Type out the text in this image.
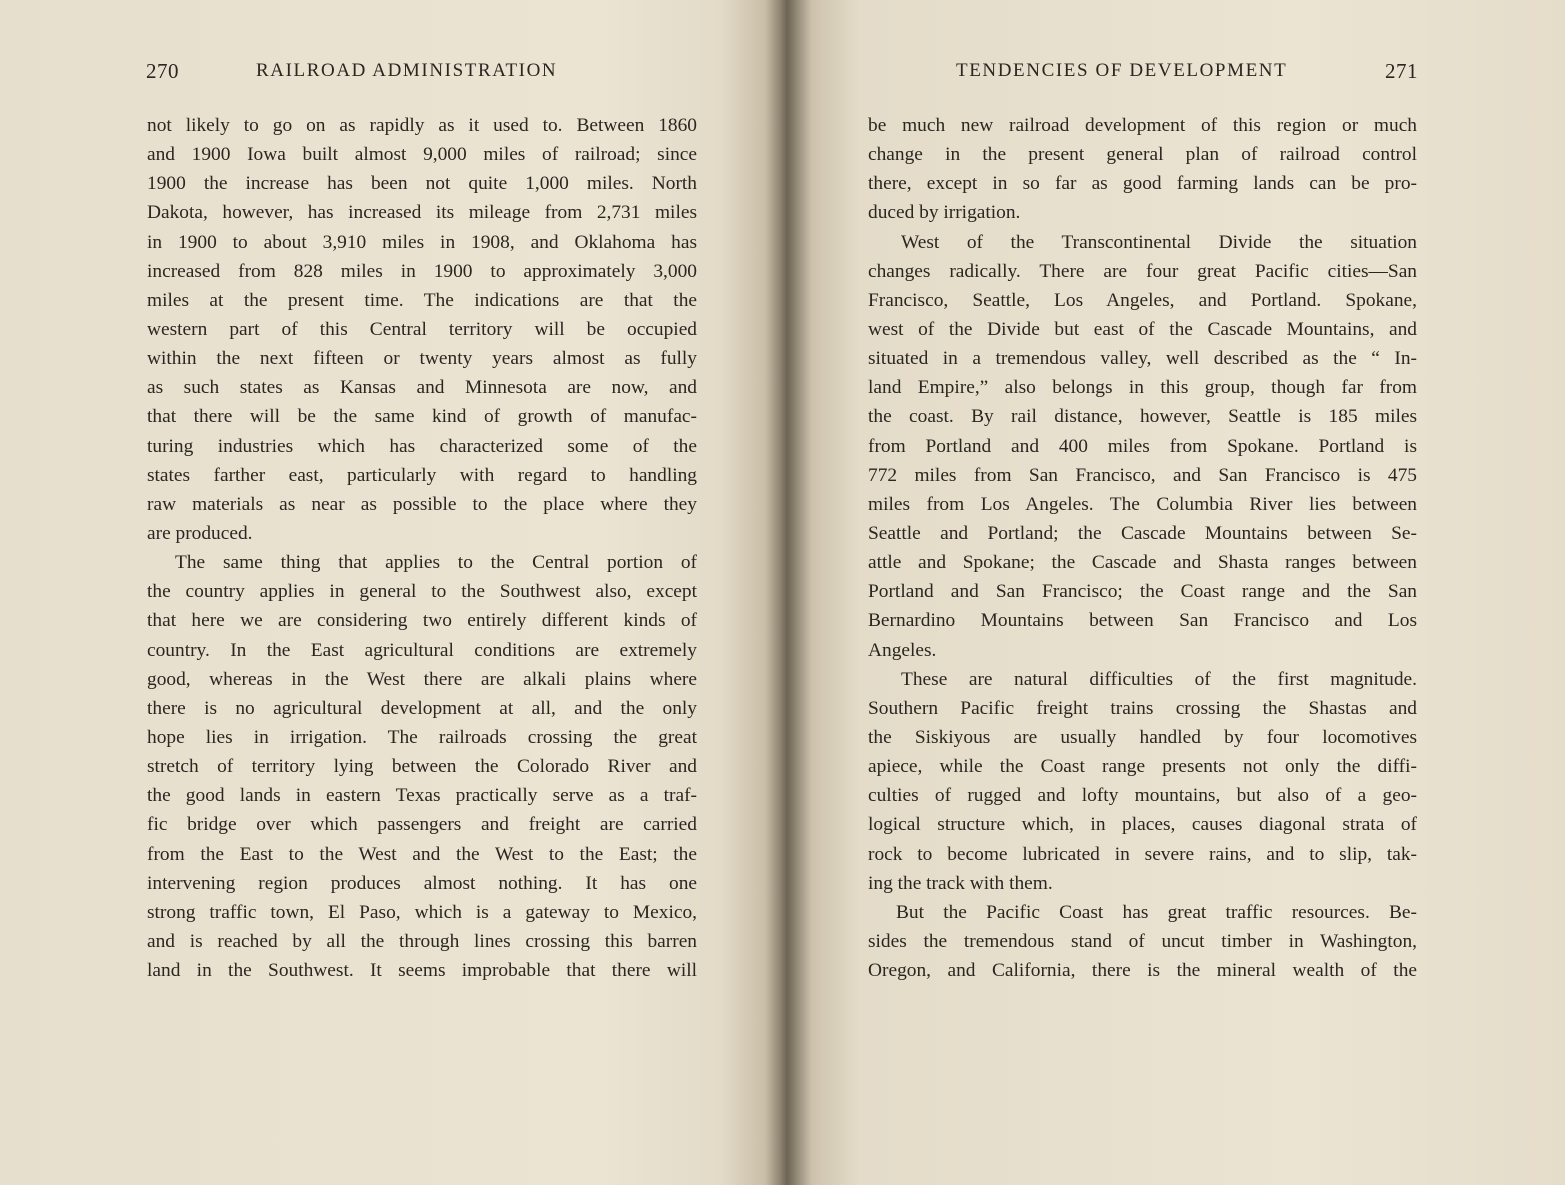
270	RAILROAD ADMINISTRATION
not likely to go on as rapidly as it used to. Between 1860
and 1900 Iowa built almost 9,000 miles of railroad; since
1900 the increase has been not quite 1,000 miles. North
Dakota, however, has increased its mileage from 2,731 miles
in 1900 to about 3,910 miles in 1908, and Oklahoma has
increased from 828 miles in 1900 to approximately 3,000
miles at the present time. The indications are that the
western part of this Central territory will be occupied
within the next fifteen or twenty years almost as fully
as such states as Kansas and Minnesota are now, and
that there will be the same kind of growth of manufac-
turing industries which has characterized some of the
states farther east, particularly with regard to handling
raw materials as near as possible to the place where they
are produced.
The same thing that applies to the Central portion of
the country applies in general to the Southwest also, except
that here we are considering two entirely different kinds of
country. In the East agricultural conditions are extremely
good, whereas in the West there are alkali plains where
there is no agricultural development at all, and the only
hope lies in irrigation. The railroads crossing the great
stretch of territory lying between the Colorado River and
the good lands in eastern Texas practically serve as a traf-
fic bridge over which passengers and freight are carried
from the East to the West and the West to the East; the
intervening region produces almost nothing. It has one
strong traffic town, El Paso, which is a gateway to Mexico,
and is reached by all the through lines crossing this barren
land in the Southwest. It seems improbable that there will
TENDENCIES OF DEVELOPMENT	271
be much new railroad development of this region or much
change in the present general plan of railroad control
there, except in so far as good farming lands can be pro-
duced by irrigation.
West of the Transcontinental Divide the situation
changes radically. There are four great Pacific cities—San
Francisco, Seattle, Los Angeles, and Portland. Spokane,
west of the Divide but east of the Cascade Mountains, and
situated in a tremendous valley, well described as the “ In-
land Empire,” also belongs in this group, though far from
the coast. By rail distance, however, Seattle is 185 miles
from Portland and 400 miles from Spokane. Portland is
772 miles from San Francisco, and San Francisco is 475
miles from Los Angeles. The Columbia River lies between
Seattle and Portland; the Cascade Mountains between Se-
attle and Spokane; the Cascade and Shasta ranges between
Portland and San Francisco; the Coast range and the San
Bernardino Mountains between San Francisco and Los
Angeles.
These are natural difficulties of the first magnitude.
Southern Pacific freight trains crossing the Shastas and
the Siskiyous are usually handled by four locomotives
apiece, while the Coast range presents not only the diffi-
culties of rugged and lofty mountains, but also of a geo-
logical structure which, in places, causes diagonal strata of
rock to become lubricated in severe rains, and to slip, tak-
ing the track with them.
But the Pacific Coast has great traffic resources. Be-
sides the tremendous stand of uncut timber in Washington,
Oregon, and California, there is the mineral wealth of the
